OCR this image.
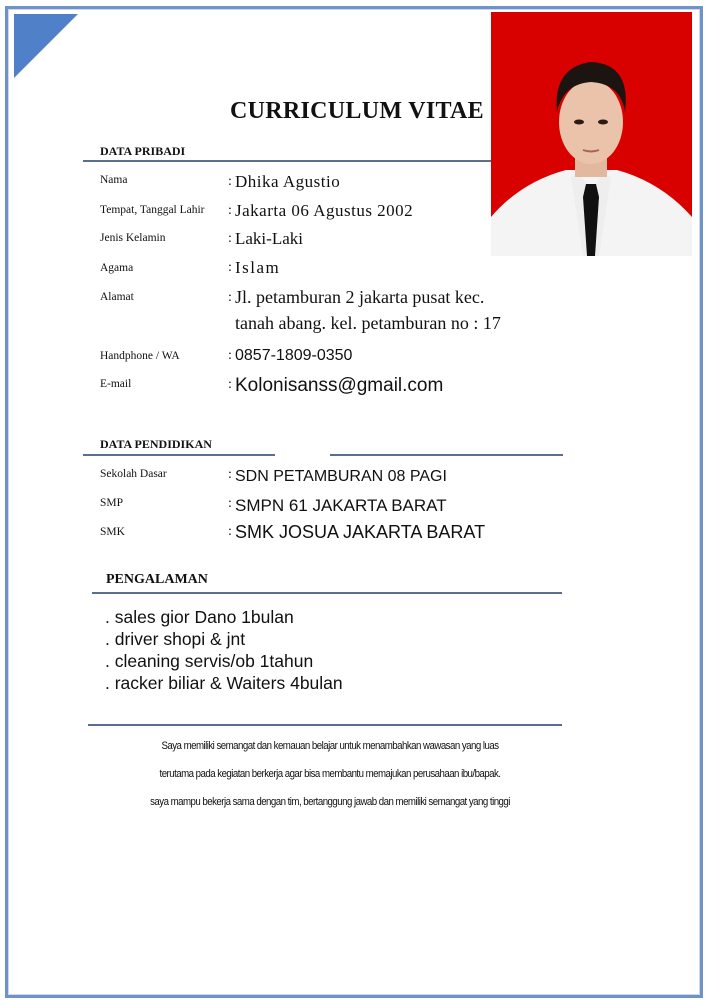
CURRICULUM VITAE
DATA PRIBADI
Nama	: Dhika Agustio
Tempat, Tanggal Lahir : Jakarta 06 Agustus 2002
Jenis Kelamin	: Laki-Laki
Agama	: Islam
Alamat	: Jl. petamburan 2 jakarta pusat kec.
tanah abang. kel. petamburan no : 17
Handphone / WA	: 0857-1809-0350
E-mail	: Kolonisanss@gmail.com
DATA PENDIDIKAN
Sekolah Dasar	: SDN PETAMBURAN 08 PAGI
SMP	: SMPN 61 JAKARTA BARAT
SMK	: SMK JOSUA JAKARTA BARAT
PENGALAMAN
. sales gior Dano 1bulan
. driver shopi & jnt
. cleaning servis/ob 1tahun
. racker biliar & Waiters 4bulan
Saya memiliki semangat dan kemauan belajar untuk menambahkan wawasan yang luas
terutama pada kegiatan berkerja agar bisa membantu memajukan perusahaan ibu/bapak.
saya mampu bekerja sama dengan tim, bertanggung jawab dan memiliki semangat yang tinggi
